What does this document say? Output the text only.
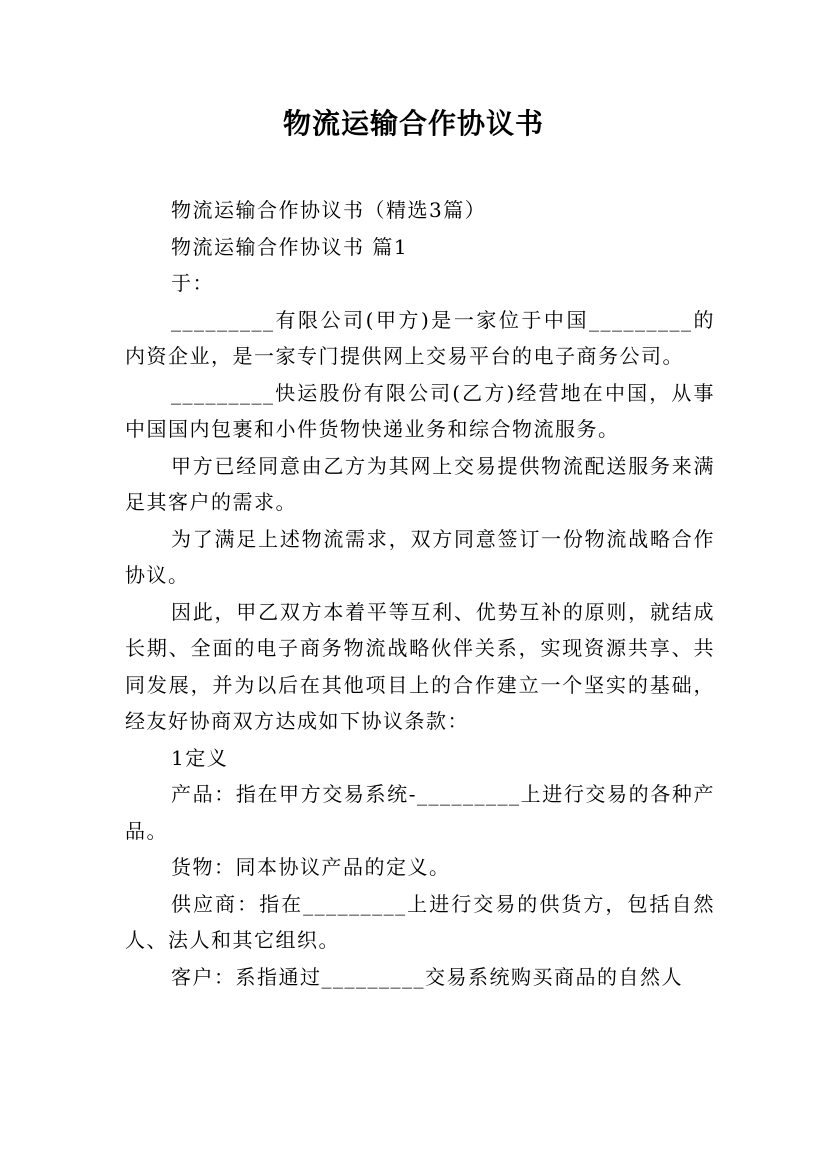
物流运输合作协议书

物流运输合作协议书（精选3篇）

物流运输合作协议书 篇1

于：

_________有限公司(甲方)是一家位于中国_________的内资企业，是一家专门提供网上交易平台的电子商务公司。

_________快运股份有限公司(乙方)经营地在中国，从事中国国内包裹和小件货物快递业务和综合物流服务。

甲方已经同意由乙方为其网上交易提供物流配送服务来满足其客户的需求。

为了满足上述物流需求，双方同意签订一份物流战略合作协议。

因此，甲乙双方本着平等互利、优势互补的原则，就结成长期、全面的电子商务物流战略伙伴关系，实现资源共享、共同发展，并为以后在其他项目上的合作建立一个坚实的基础，经友好协商双方达成如下协议条款：

1定义

产品：指在甲方交易系统-_________上进行交易的各种产品。

货物：同本协议产品的定义。

供应商：指在_________上进行交易的供货方，包括自然人、法人和其它组织。

客户：系指通过_________交易系统购买商品的自然人
